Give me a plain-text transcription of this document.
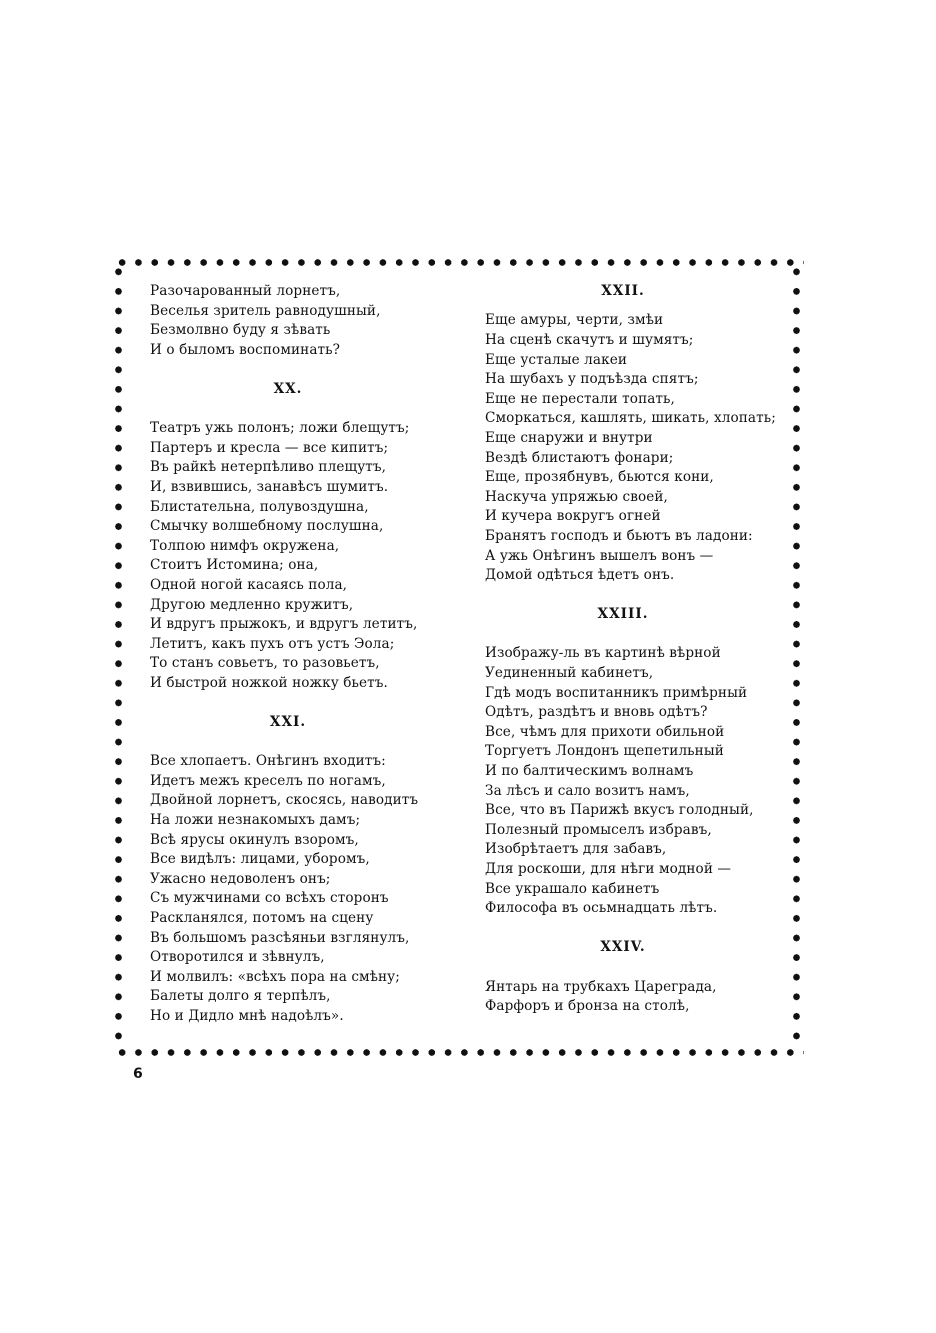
Разочарованный лорнетъ,
Веселья зритель равнодушный,
Безмолвно буду я зѣвать
И о быломъ воспоминать?
XX.
Театръ ужь полонъ; ложи блещутъ;
Партеръ и кресла — все кипитъ;
Въ райкѣ нетерпѣливо плещутъ,
И, взвившись, занавѣсъ шумитъ.
Блистательна, полувоздушна,
Смычку волшебному послушна,
Толпою нимфъ окружена,
Стоитъ Истомина; она,
Одной ногой касаясь пола,
Другою медленно кружитъ,
И вдругъ прыжокъ, и вдругъ летитъ,
Летитъ, какъ пухъ отъ устъ Эола;
То станъ совьетъ, то разовьетъ,
И быстрой ножкой ножку бьетъ.
XXI.
Все хлопаетъ. Онѣгинъ входитъ:
Идетъ межъ креселъ по ногамъ,
Двойной лорнетъ, скосясь, наводитъ
На ложи незнакомыхъ дамъ;
Всѣ ярусы окинулъ взоромъ,
Все видѣлъ: лицами, уборомъ,
Ужасно недоволенъ онъ;
Съ мужчинами со всѣхъ сторонъ
Раскланялся, потомъ на сцену
Въ большомъ разсѣяньи взглянулъ,
Отворотился и зѣвнулъ,
И молвилъ: «всѣхъ пора на смѣну;
Балеты долго я терпѣлъ,
Но и Дидло мнѣ надоѣлъ».
XXII.
Еще амуры, черти, змѣи
На сценѣ скачутъ и шумятъ;
Еще усталые лакеи
На шубахъ у подъѣзда спятъ;
Еще не перестали топать,
Сморкаться, кашлять, шикать, хлопать;
Еще снаружи и внутри
Вездѣ блистаютъ фонари;
Еще, прозябнувъ, бьются кони,
Наскуча упряжью своей,
И кучера вокругъ огней
Бранятъ господъ и бьютъ въ ладони:
А ужь Онѣгинъ вышелъ вонъ —
Домой одѣться ѣдетъ онъ.
XXIII.
Изображу-ль въ картинѣ вѣрной
Уединенный кабинетъ,
Гдѣ модъ воспитанникъ примѣрный
Одѣтъ, раздѣтъ и вновь одѣтъ?
Все, чѣмъ для прихоти обильной
Торгуетъ Лондонъ щепетильный
И по балтическимъ волнамъ
За лѣсъ и сало возитъ намъ,
Все, что въ Парижѣ вкусъ голодный,
Полезный промыселъ избравъ,
Изобрѣтаетъ для забавъ,
Для роскоши, для нѣги модной —
Все украшало кабинетъ
Философа въ осьмнадцать лѣтъ.
XXIV.
Янтарь на трубкахъ Цареграда,
Фарфоръ и бронза на столѣ,
6
